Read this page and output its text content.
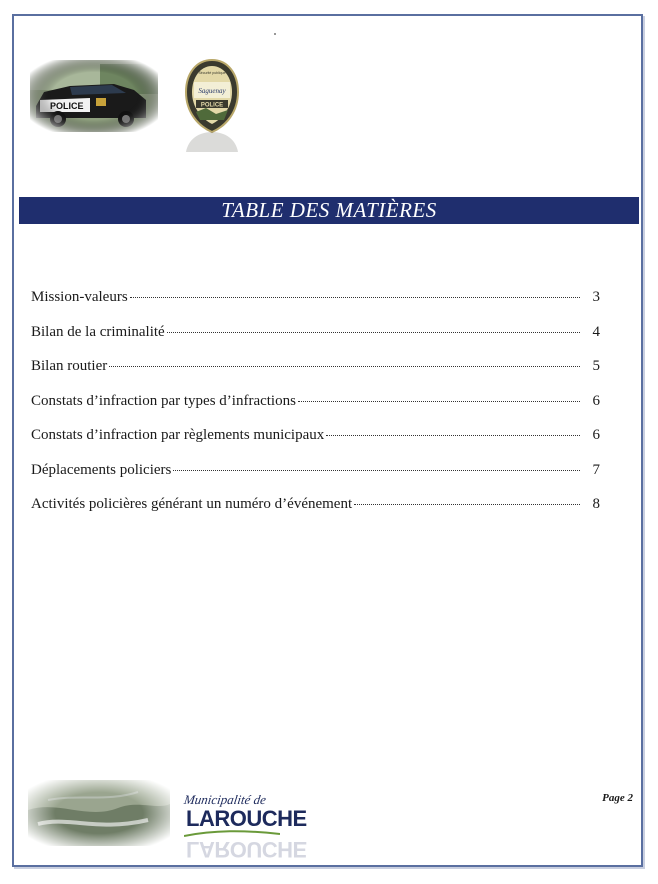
Saguenay
POLICE
Sécurité publique
TABLE DES MATIÈRES
Mission-valeurs	3
Bilan de la criminalité	4
Bilan routier	5
Constats d’infraction par types d’infractions	6
Constats d’infraction par règlements municipaux	6
Déplacements policiers	7
Activités policières générant un numéro d’événement	8
Municipalité de
LAROUCHE
LAROUCHE
Page 2
